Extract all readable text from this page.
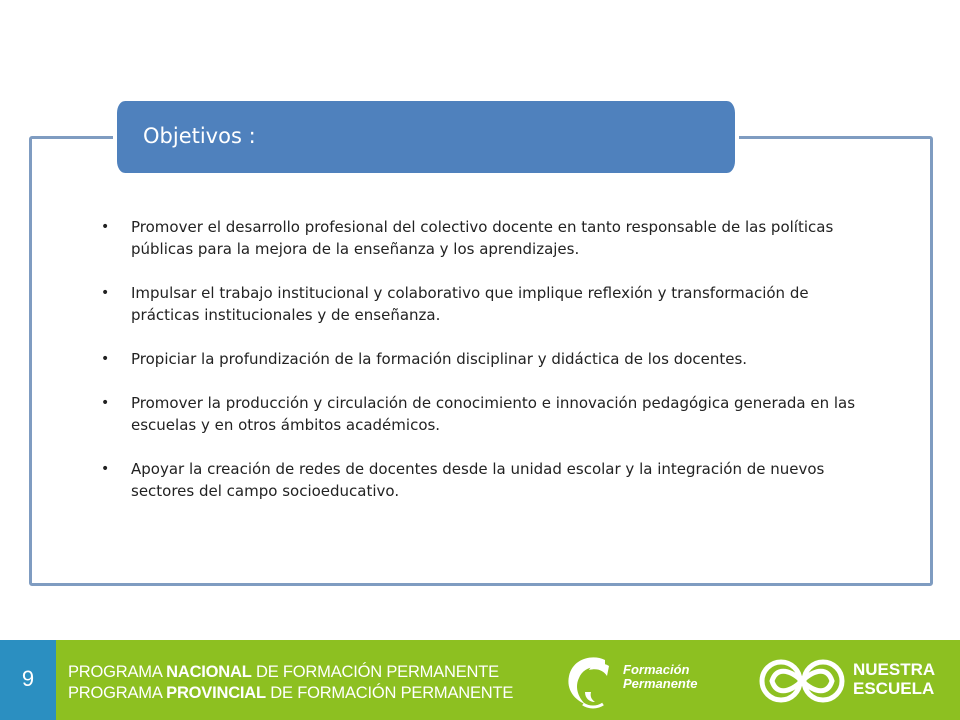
Objetivos :
• Promover el desarrollo profesional del colectivo docente en tanto responsable de las políticas públicas para la mejora de la enseñanza y los aprendizajes.
• Impulsar el trabajo institucional y colaborativo que implique reflexión y transformación de prácticas institucionales y de enseñanza.
• Propiciar la profundización de la formación disciplinar y didáctica de los docentes.
• Promover la producción y circulación de conocimiento e innovación pedagógica generada en las escuelas y en otros ámbitos académicos.
• Apoyar la creación de redes de docentes desde la unidad escolar y la integración de nuevos sectores del campo socioeducativo.
9	PROGRAMA NACIONAL DE FORMACIÓN PERMANENTE
PROGRAMA PROVINCIAL DE FORMACIÓN PERMANENTE
Formación
Permanente
NUESTRA
ESCUELA
